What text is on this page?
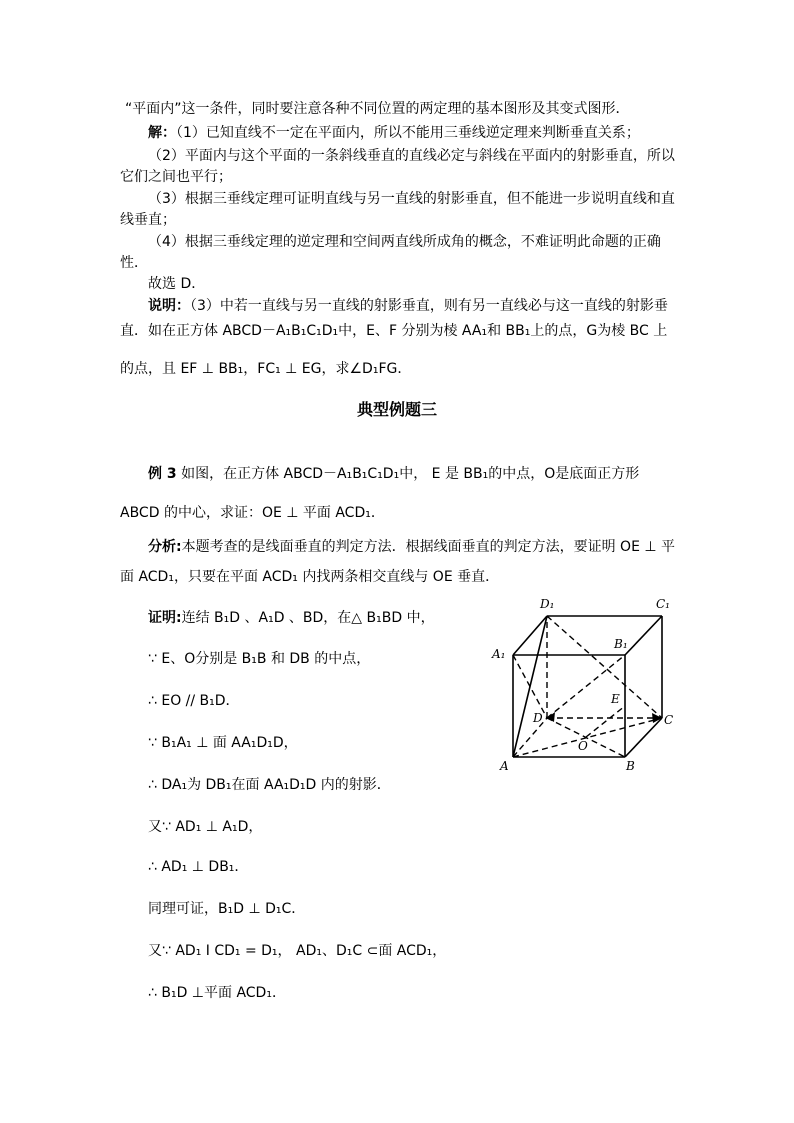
“平面内”这一条件，同时要注意各种不同位置的两定理的基本图形及其变式图形．
解：（1）已知直线不一定在平面内，所以不能用三垂线逆定理来判断垂直关系；
（2）平面内与这个平面的一条斜线垂直的直线必定与斜线在平面内的射影垂直，所以
它们之间也平行；
（3）根据三垂线定理可证明直线与另一直线的射影垂直，但不能进一步说明直线和直
线垂直；
（4）根据三垂线定理的逆定理和空间两直线所成角的概念，不难证明此命题的正确
性．
故选 D．
说明：（3）中若一直线与另一直线的射影垂直，则有另一直线必与这一直线的射影垂
直．如在正方体 ABCD－A₁B₁C₁D₁中，E、F 分别为棱 AA₁和 BB₁上的点，G为棱 BC 上
的点，且 EF ⊥ BB₁，FC₁ ⊥ EG，求∠D₁FG．
典型例题三
例 3 如图，在正方体 ABCD－A₁B₁C₁D₁中， E 是 BB₁的中点，O是底面正方形
ABCD 的中心，求证：OE ⊥ 平面 ACD₁．
分析:本题考查的是线面垂直的判定方法．根据线面垂直的判定方法，要证明 OE ⊥ 平
面 ACD₁，只要在平面 ACD₁ 内找两条相交直线与 OE 垂直．
证明:连结 B₁D 、A₁D 、BD，在△ B₁BD 中，
∵ E、O分别是 B₁B 和 DB 的中点，
∴ EO // B₁D．
∵ B₁A₁ ⊥ 面 AA₁D₁D，
∴ DA₁为 DB₁在面 AA₁D₁D 内的射影．
又∵ AD₁ ⊥ A₁D，
∴ AD₁ ⊥ DB₁．
同理可证，B₁D ⊥ D₁C．
又∵ AD₁ I CD₁ = D₁， AD₁、D₁C ⊂面 ACD₁，
∴ B₁D ⊥平面 ACD₁．
D₁	C₁
B₁
A₁
E
D	C
O
A	B
